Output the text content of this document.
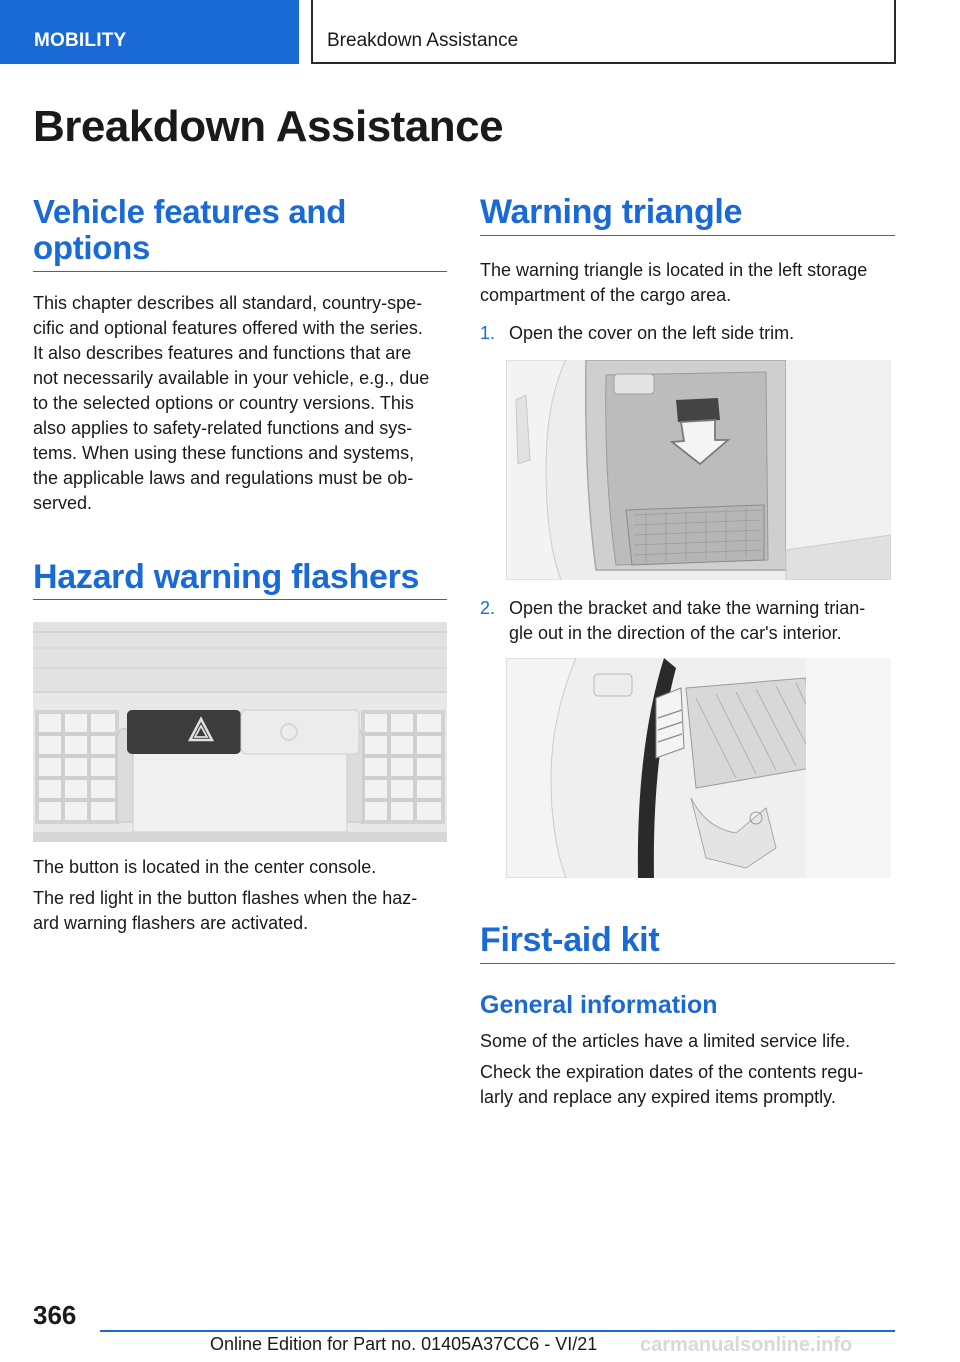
MOBILITY	Breakdown Assistance
Breakdown Assistance
Vehicle features and
options
This chapter describes all standard, country-spe-
cific and optional features offered with the series.
It also describes features and functions that are
not necessarily available in your vehicle, e.g., due
to the selected options or country versions. This
also applies to safety-related functions and sys-
tems. When using these functions and systems,
the applicable laws and regulations must be ob-
served.
Hazard warning flashers
The button is located in the center console.
The red light in the button flashes when the haz-
ard warning flashers are activated.
Warning triangle
The warning triangle is located in the left storage
compartment of the cargo area.
1. Open the cover on the left side trim.
2. Open the bracket and take the warning trian-
gle out in the direction of the car's interior.
First-aid kit
General information
Some of the articles have a limited service life.
Check the expiration dates of the contents regu-
larly and replace any expired items promptly.
366
Online Edition for Part no. 01405A37CC6 - VI/21 carmanualsonline.info
